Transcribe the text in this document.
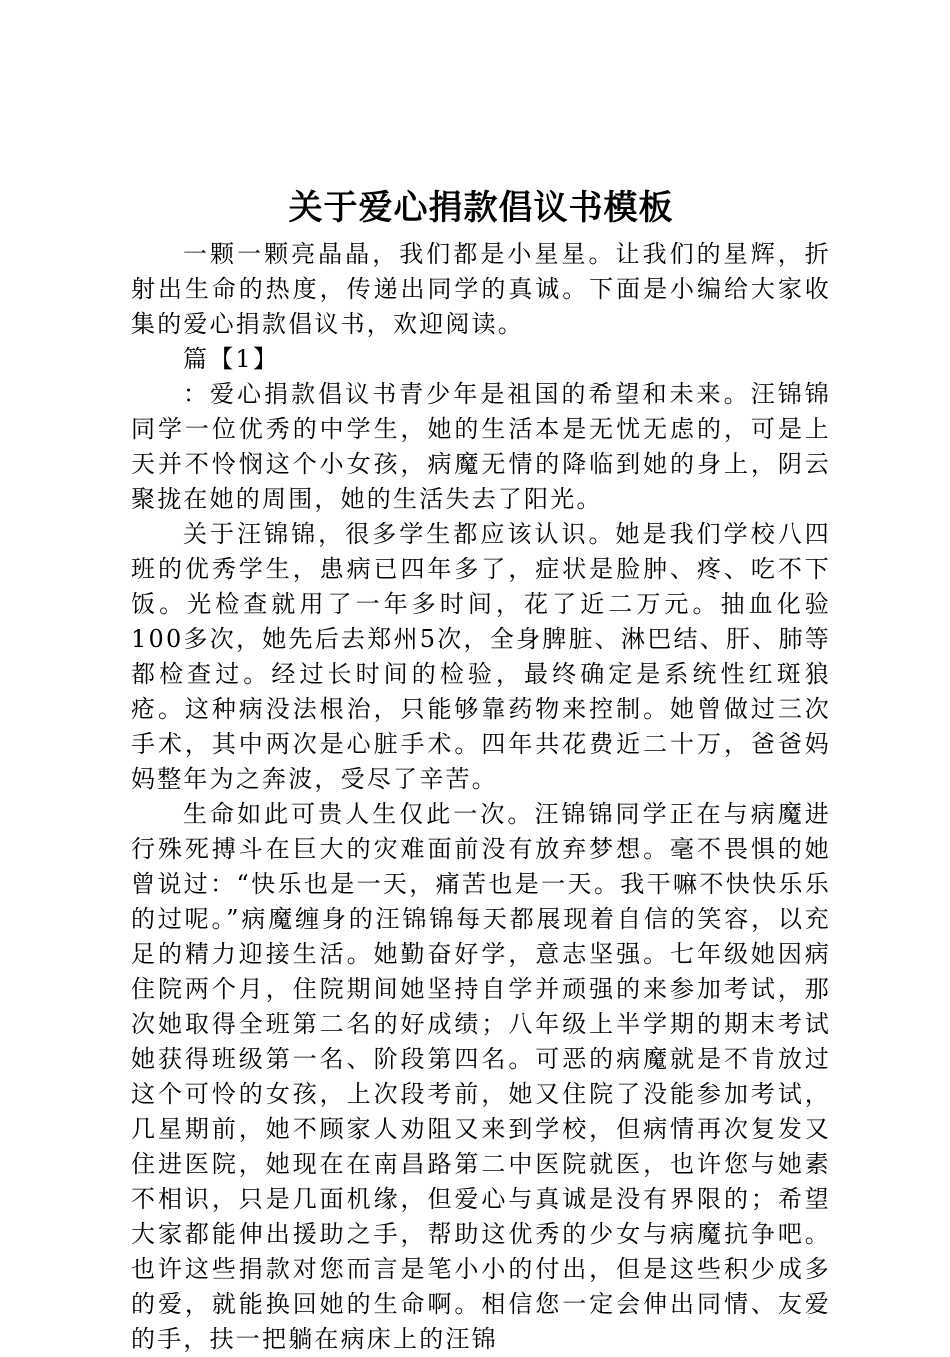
关于爱心捐款倡议书模板

一颗一颗亮晶晶，我们都是小星星。让我们的星辉，折射出生命的热度，传递出同学的真诚。下面是小编给大家收集的爱心捐款倡议书，欢迎阅读。

篇【1】

：爱心捐款倡议书青少年是祖国的希望和未来。汪锦锦同学一位优秀的中学生，她的生活本是无忧无虑的，可是上天并不怜悯这个小女孩，病魔无情的降临到她的身上，阴云聚拢在她的周围，她的生活失去了阳光。

关于汪锦锦，很多学生都应该认识。她是我们学校八四班的优秀学生，患病已四年多了，症状是脸肿、疼、吃不下饭。光检查就用了一年多时间，花了近二万元。抽血化验100多次，她先后去郑州5次，全身脾脏、淋巴结、肝、肺等都检查过。经过长时间的检验，最终确定是系统性红斑狼疮。这种病没法根治，只能够靠药物来控制。她曾做过三次手术，其中两次是心脏手术。四年共花费近二十万，爸爸妈妈整年为之奔波，受尽了辛苦。

生命如此可贵人生仅此一次。汪锦锦同学正在与病魔进行殊死搏斗在巨大的灾难面前没有放弃梦想。毫不畏惧的她曾说过：“快乐也是一天，痛苦也是一天。我干嘛不快快乐乐的过呢。”病魔缠身的汪锦锦每天都展现着自信的笑容，以充足的精力迎接生活。她勤奋好学，意志坚强。七年级她因病住院两个月，住院期间她坚持自学并顽强的来参加考试，那次她取得全班第二名的好成绩；八年级上半学期的期末考试她获得班级第一名、阶段第四名。可恶的病魔就是不肯放过这个可怜的女孩，上次段考前，她又住院了没能参加考试，几星期前，她不顾家人劝阻又来到学校，但病情再次复发又住进医院，她现在在南昌路第二中医院就医，也许您与她素不相识，只是几面机缘，但爱心与真诚是没有界限的；希望大家都能伸出援助之手，帮助这优秀的少女与病魔抗争吧。也许这些捐款对您而言是笔小小的付出，但是这些积少成多的爱，就能换回她的生命啊。相信您一定会伸出同情、友爱的手，扶一把躺在病床上的汪锦
